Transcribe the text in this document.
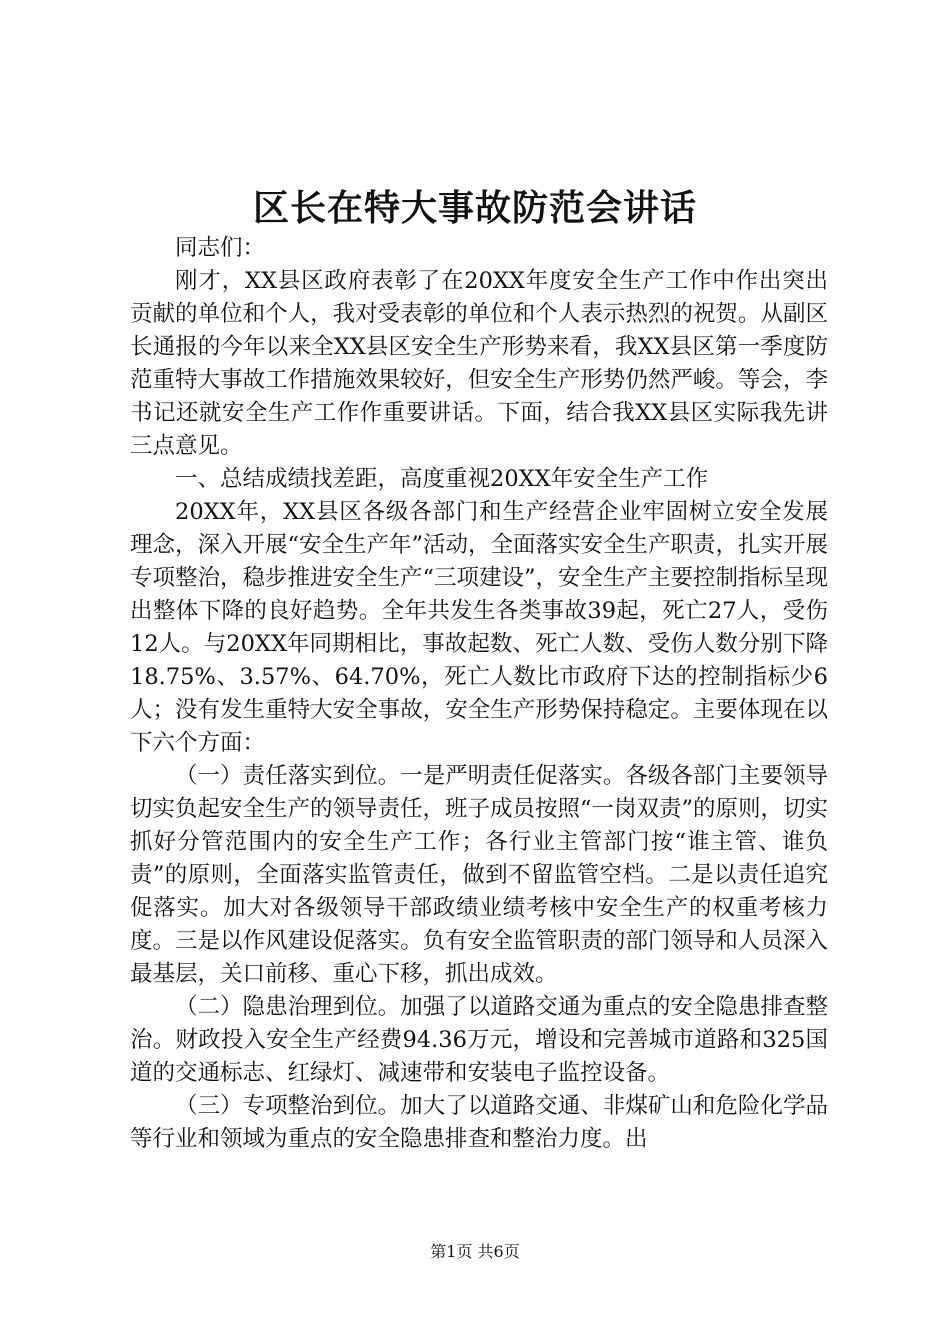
区长在特大事故防范会讲话

同志们：

刚才，XX县区政府表彰了在20XX年度安全生产工作中作出突出贡献的单位和个人，我对受表彰的单位和个人表示热烈的祝贺。从副区长通报的今年以来全XX县区安全生产形势来看，我XX县区第一季度防范重特大事故工作措施效果较好，但安全生产形势仍然严峻。等会，李书记还就安全生产工作作重要讲话。下面，结合我XX县区实际我先讲三点意见。

一、总结成绩找差距，高度重视20XX年安全生产工作

20XX年，XX县区各级各部门和生产经营企业牢固树立安全发展理念，深入开展“安全生产年”活动，全面落实安全生产职责，扎实开展专项整治，稳步推进安全生产“三项建设”，安全生产主要控制指标呈现出整体下降的良好趋势。全年共发生各类事故39起，死亡27人，受伤12人。与20XX年同期相比，事故起数、死亡人数、受伤人数分别下降18.75%、3.57%、64.70%，死亡人数比市政府下达的控制指标少6人；没有发生重特大安全事故，安全生产形势保持稳定。主要体现在以下六个方面：

（一）责任落实到位。一是严明责任促落实。各级各部门主要领导切实负起安全生产的领导责任，班子成员按照“一岗双责”的原则，切实抓好分管范围内的安全生产工作；各行业主管部门按“谁主管、谁负责”的原则，全面落实监管责任，做到不留监管空档。二是以责任追究促落实。加大对各级领导干部政绩业绩考核中安全生产的权重考核力度。三是以作风建设促落实。负有安全监管职责的部门领导和人员深入最基层，关口前移、重心下移，抓出成效。

（二）隐患治理到位。加强了以道路交通为重点的安全隐患排查整治。财政投入安全生产经费94.36万元，增设和完善城市道路和325国道的交通标志、红绿灯、减速带和安装电子监控设备。

（三）专项整治到位。加大了以道路交通、非煤矿山和危险化学品等行业和领域为重点的安全隐患排查和整治力度。出

第1页 共6页
